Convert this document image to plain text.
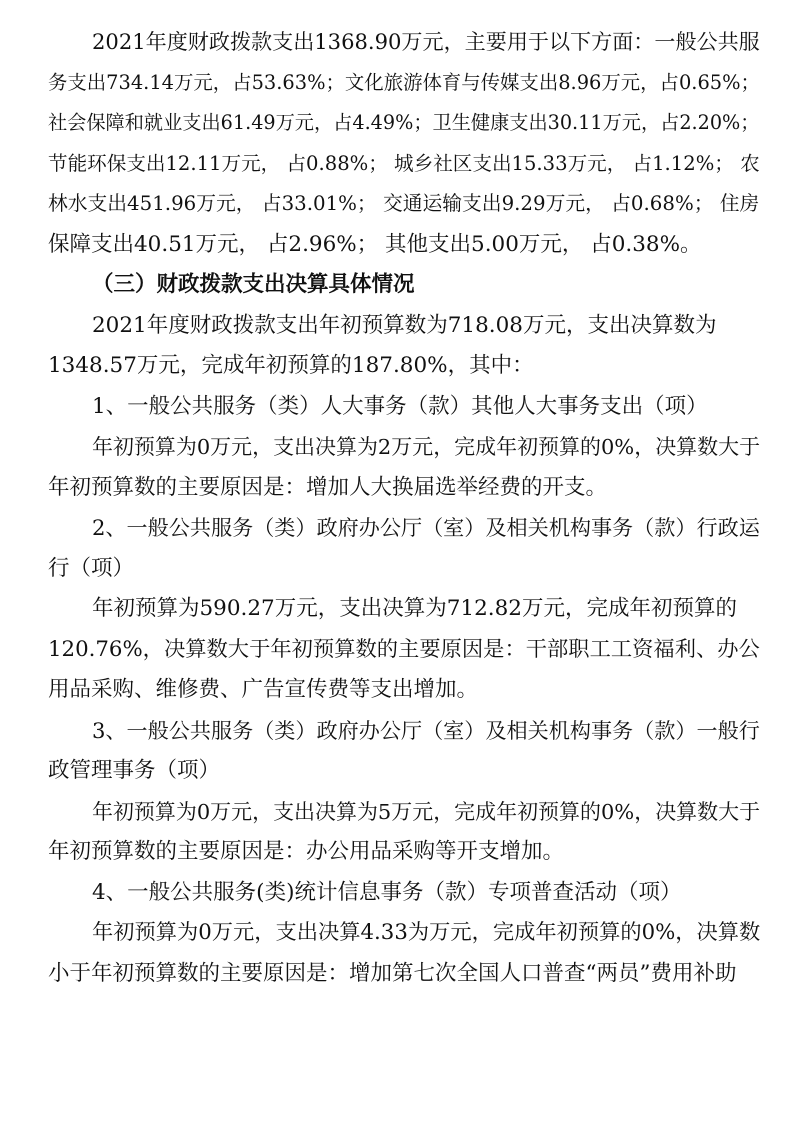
2021年度财政拨款支出1368.90万元，主要用于以下方面：一般公共服
务支出734.14万元，占53.63%；文化旅游体育与传媒支出8.96万元，占0.65%；
社会保障和就业支出61.49万元，占4.49%；卫生健康支出30.11万元，占2.20%；
节能环保支出12.11万元， 占0.88%； 城乡社区支出15.33万元， 占1.12%； 农
林水支出451.96万元， 占33.01%； 交通运输支出9.29万元， 占0.68%； 住房
保障支出40.51万元， 占2.96%； 其他支出5.00万元， 占0.38%。
（三）财政拨款支出决算具体情况
2021年度财政拨款支出年初预算数为718.08万元，支出决算数为
1348.57万元，完成年初预算的187.80%，其中：
1、一般公共服务（类）人大事务（款）其他人大事务支出（项）
年初预算为0万元，支出决算为2万元，完成年初预算的0%，决算数大于
年初预算数的主要原因是：增加人大换届选举经费的开支。
2、一般公共服务（类）政府办公厅（室）及相关机构事务（款）行政运
行（项）
年初预算为590.27万元，支出决算为712.82万元，完成年初预算的
120.76%，决算数大于年初预算数的主要原因是：干部职工工资福利、办公
用品采购、维修费、广告宣传费等支出增加。
3、一般公共服务（类）政府办公厅（室）及相关机构事务（款）一般行
政管理事务（项）
年初预算为0万元，支出决算为5万元，完成年初预算的0%，决算数大于
年初预算数的主要原因是：办公用品采购等开支增加。
4、一般公共服务(类)统计信息事务（款）专项普查活动（项）
年初预算为0万元，支出决算4.33为万元，完成年初预算的0%，决算数
小于年初预算数的主要原因是：增加第七次全国人口普查“两员”费用补助
